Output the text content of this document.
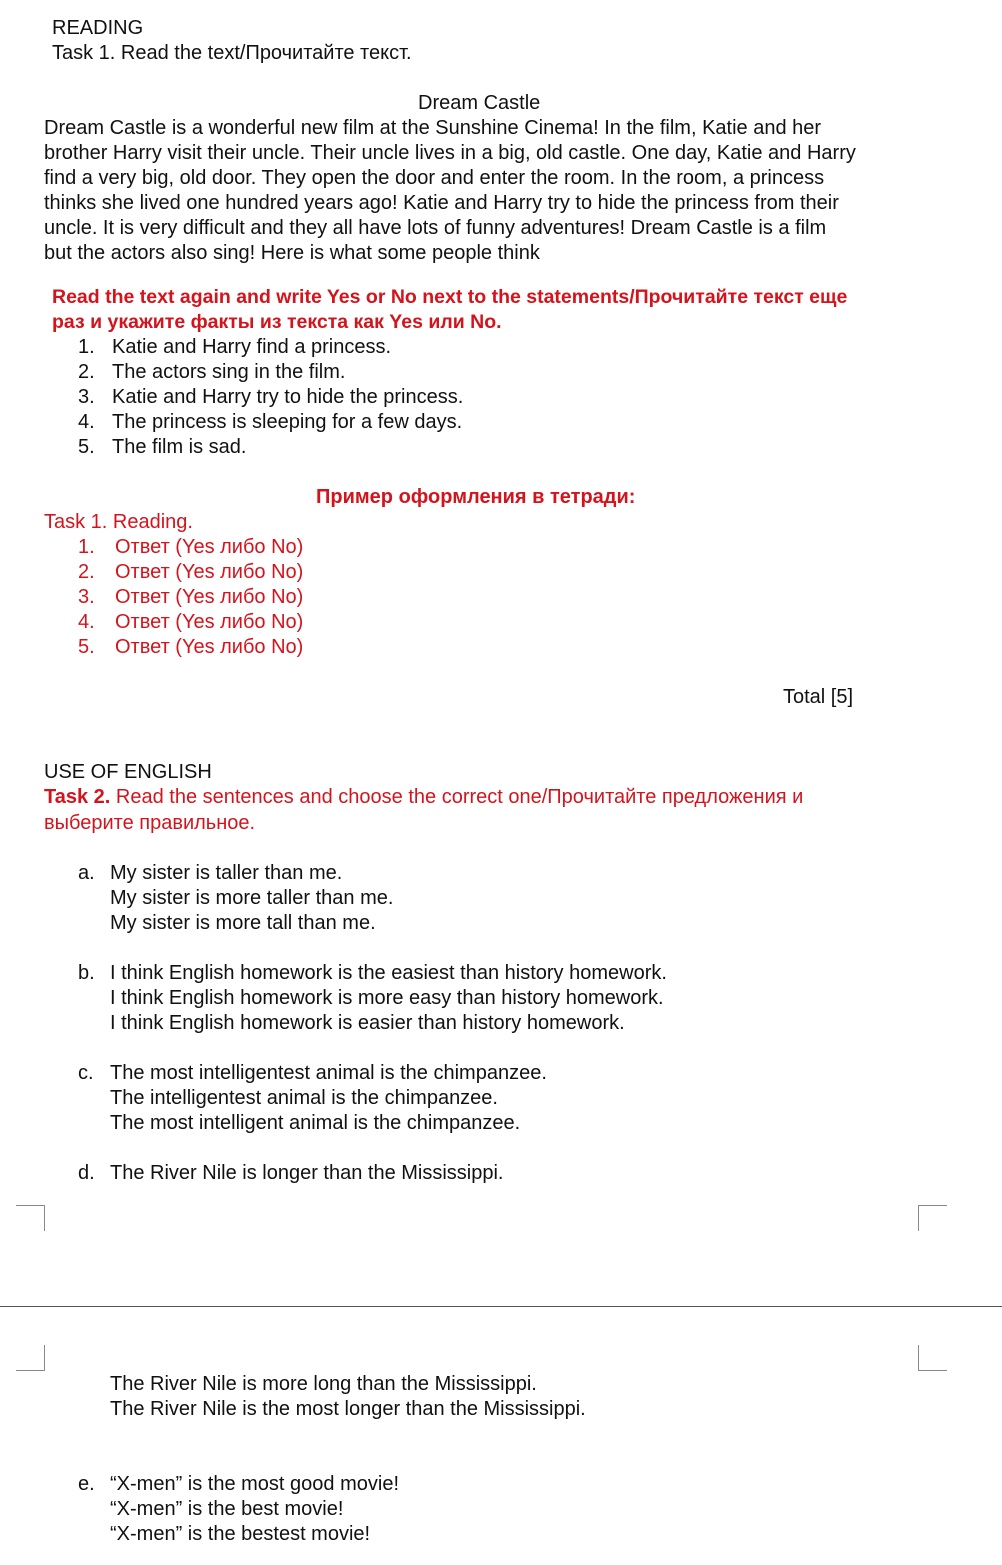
READING
Task 1. Read the text/Прочитайте текст.
Dream Castle
Dream Castle is a wonderful new film at the Sunshine Cinema! In the film, Katie and her
brother Harry visit their uncle. Their uncle lives in a big, old castle. One day, Katie and Harry
find a very big, old door. They open the door and enter the room. In the room, a princess
thinks she lived one hundred years ago! Katie and Harry try to hide the princess from their
uncle. It is very difficult and they all have lots of funny adventures! Dream Castle is a film
but the actors also sing! Here is what some people think
Read the text again and write Yes or No next to the statements/Прочитайте текст еще
раз и укажите факты из текста как Yes или No.
1. Katie and Harry find a princess.
2. The actors sing in the film.
3. Katie and Harry try to hide the princess.
4. The princess is sleeping for a few days.
5. The film is sad.
Пример оформления в тетради:
Task 1. Reading.
1. Ответ (Yes либо No)
2. Ответ (Yes либо No)
3. Ответ (Yes либо No)
4. Ответ (Yes либо No)
5. Ответ (Yes либо No)
Total [5]
USE OF ENGLISH
Task 2. Read the sentences and choose the correct one/Прочитайте предложения и
выберите правильное.
a. My sister is taller than me.
My sister is more taller than me.
My sister is more tall than me.
b. I think English homework is the easiest than history homework.
I think English homework is more easy than history homework.
I think English homework is easier than history homework.
c. The most intelligentest animal is the chimpanzee.
The intelligentest animal is the chimpanzee.
The most intelligent animal is the chimpanzee.
d. The River Nile is longer than the Mississippi.
The River Nile is more long than the Mississippi.
The River Nile is the most longer than the Mississippi.
e. “X-men” is the most good movie!
“X-men” is the best movie!
“X-men” is the bestest movie!
